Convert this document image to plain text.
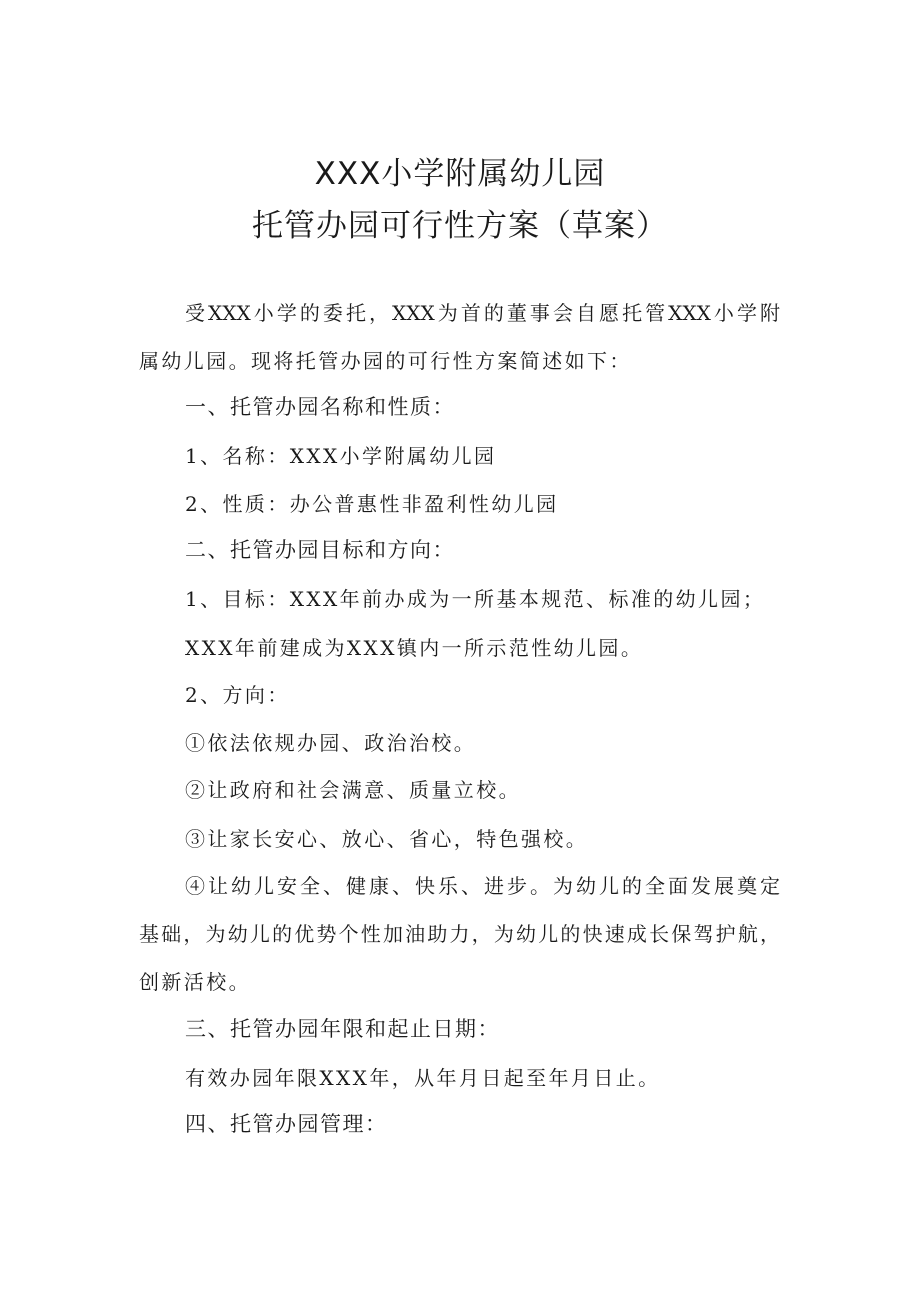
XXX小学附属幼儿园
托管办园可行性方案（草案）
受XXX小学的委托，XXX为首的董事会自愿托管XXX小学附
属幼儿园。现将托管办园的可行性方案简述如下：
一、托管办园名称和性质：
1、名称：XXX小学附属幼儿园
2、性质：办公普惠性非盈利性幼儿园
二、托管办园目标和方向：
1、目标：XXX年前办成为一所基本规范、标准的幼儿园；
XXX年前建成为XXX镇内一所示范性幼儿园。
2、方向：
①依法依规办园、政治治校。
②让政府和社会满意、质量立校。
③让家长安心、放心、省心，特色强校。
④让幼儿安全、健康、快乐、进步。为幼儿的全面发展奠定
基础，为幼儿的优势个性加油助力，为幼儿的快速成长保驾护航，
创新活校。
三、托管办园年限和起止日期：
有效办园年限XXX年，从年月日起至年月日止。
四、托管办园管理：
